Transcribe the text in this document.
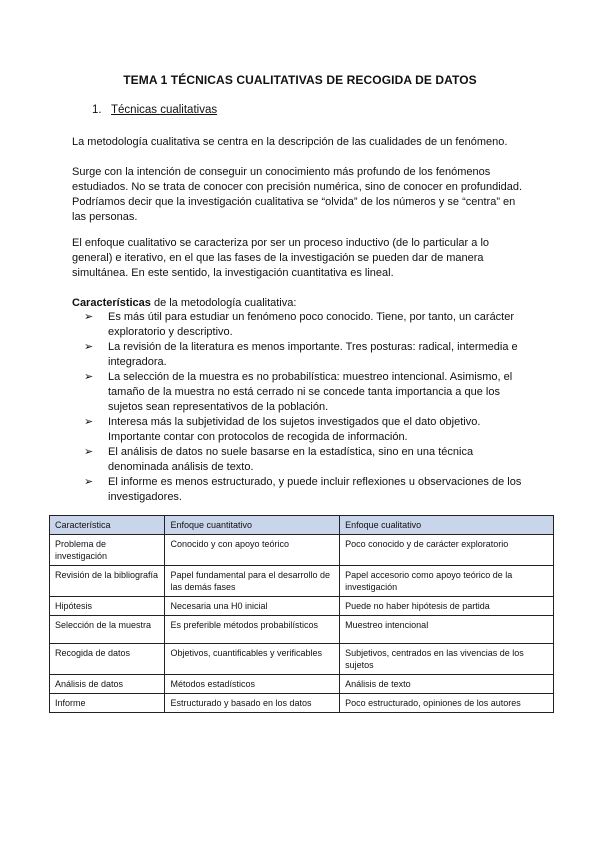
TEMA 1 TÉCNICAS CUALITATIVAS DE RECOGIDA DE DATOS
1. Técnicas cualitativas
La metodología cualitativa se centra en la descripción de las cualidades de un fenómeno.
Surge con la intención de conseguir un conocimiento más profundo de los fenómenos estudiados. No se trata de conocer con precisión numérica, sino de conocer en profundidad. Podríamos decir que la investigación cualitativa se “olvida” de los números y se “centra” en las personas.
El enfoque cualitativo se caracteriza por ser un proceso inductivo (de lo particular a lo general) e iterativo, en el que las fases de la investigación se pueden dar de manera simultánea. En este sentido, la investigación cuantitativa es lineal.
Características de la metodología cualitativa:
➢ Es más útil para estudiar un fenómeno poco conocido. Tiene, por tanto, un carácter exploratorio y descriptivo.
➢ La revisión de la literatura es menos importante. Tres posturas: radical, intermedia e integradora.
➢ La selección de la muestra es no probabilística: muestreo intencional. Asimismo, el tamaño de la muestra no está cerrado ni se concede tanta importancia a que los sujetos sean representativos de la población.
➢ Interesa más la subjetividad de los sujetos investigados que el dato objetivo. Importante contar con protocolos de recogida de información.
➢ El análisis de datos no suele basarse en la estadística, sino en una técnica denominada análisis de texto.
➢ El informe es menos estructurado, y puede incluir reflexiones u observaciones de los investigadores.
Característica	Enfoque cuantitativo	Enfoque cualitativo
Problema de investigación	Conocido y con apoyo teórico	Poco conocido y de carácter exploratorio
Revisión de la bibliografía	Papel fundamental para el desarrollo de las demás fases	Papel accesorio como apoyo teórico de la investigación
Hipótesis	Necesaria una H0 inicial	Puede no haber hipótesis de partida
Selección de la muestra	Es preferible métodos probabilísticos	Muestreo intencional
Recogida de datos	Objetivos, cuantificables y verificables	Subjetivos, centrados en las vivencias de los sujetos
Análisis de datos	Métodos estadísticos	Análisis de texto
Informe	Estructurado y basado en los datos	Poco estructurado, opiniones de los autores
